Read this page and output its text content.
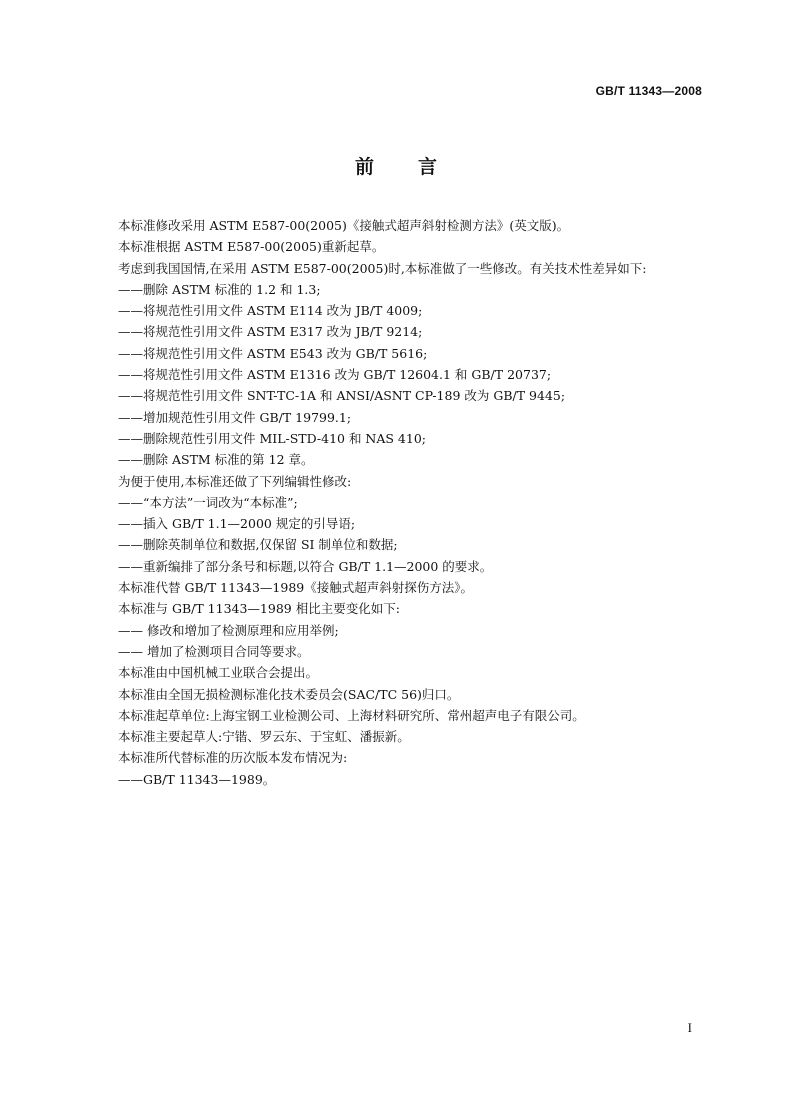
GB/T 11343—2008
前言
本标准修改采用 ASTM E587-00(2005)《接触式超声斜射检测方法》(英文版)。
本标准根据 ASTM E587-00(2005)重新起草。
考虑到我国国情,在采用 ASTM E587-00(2005)时,本标准做了一些修改。有关技术性差异如下:
——删除 ASTM 标准的 1.2 和 1.3;
——将规范性引用文件 ASTM E114 改为 JB/T 4009;
——将规范性引用文件 ASTM E317 改为 JB/T 9214;
——将规范性引用文件 ASTM E543 改为 GB/T 5616;
——将规范性引用文件 ASTM E1316 改为 GB/T 12604.1 和 GB/T 20737;
——将规范性引用文件 SNT-TC-1A 和 ANSI/ASNT CP-189 改为 GB/T 9445;
——增加规范性引用文件 GB/T 19799.1;
——删除规范性引用文件 MIL-STD-410 和 NAS 410;
——删除 ASTM 标准的第 12 章。
为便于使用,本标准还做了下列编辑性修改:
——“本方法”一词改为“本标准”;
——插入 GB/T 1.1—2000 规定的引导语;
——删除英制单位和数据,仅保留 SI 制单位和数据;
——重新编排了部分条号和标题,以符合 GB/T 1.1—2000 的要求。
本标准代替 GB/T 11343—1989《接触式超声斜射探伤方法》。
本标准与 GB/T 11343—1989 相比主要变化如下:
—— 修改和增加了检测原理和应用举例;
—— 增加了检测项目合同等要求。
本标准由中国机械工业联合会提出。
本标准由全国无损检测标准化技术委员会(SAC/TC 56)归口。
本标准起草单位:上海宝钢工业检测公司、上海材料研究所、常州超声电子有限公司。
本标准主要起草人:宁锴、罗云东、于宝虹、潘振新。
本标准所代替标准的历次版本发布情况为:
——GB/T 11343—1989。
I
